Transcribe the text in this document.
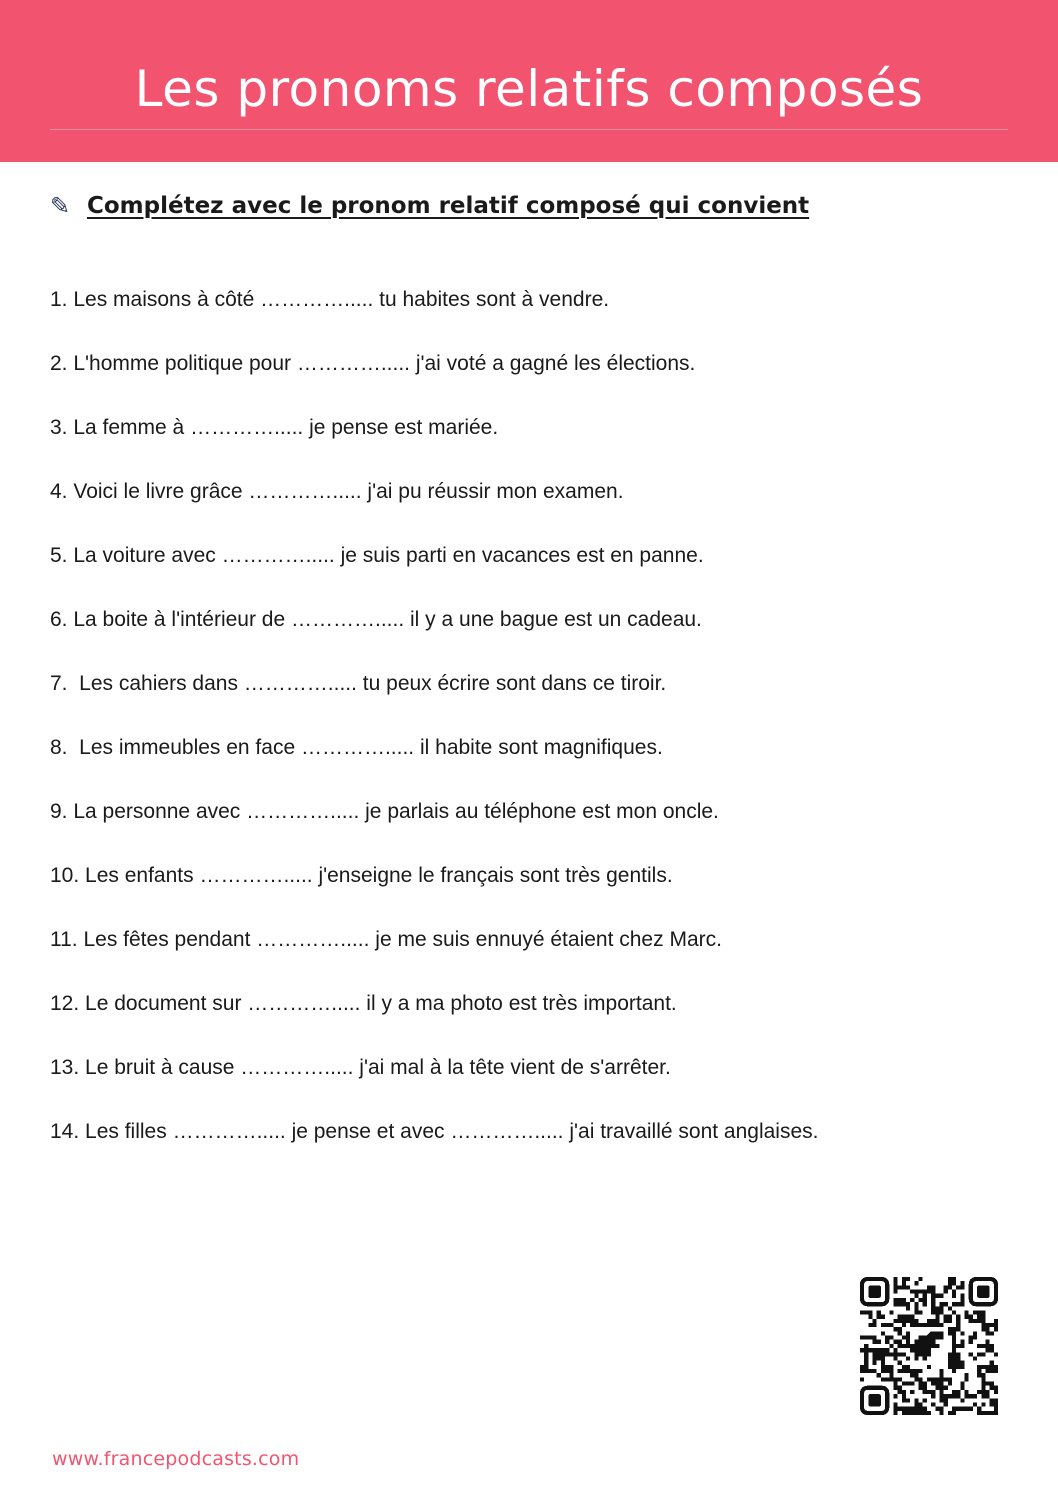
Les pronoms relatifs composés
✎ Complétez avec le pronom relatif composé qui convient
1. Les maisons à côté …………..... tu habites sont à vendre.
2. L'homme politique pour …………..... j'ai voté a gagné les élections.
3. La femme à …………..... je pense est mariée.
4. Voici le livre grâce …………..... j'ai pu réussir mon examen.
5. La voiture avec …………..... je suis parti en vacances est en panne.
6. La boite à l'intérieur de …………..... il y a une bague est un cadeau.
7.  Les cahiers dans …………..... tu peux écrire sont dans ce tiroir.
8.  Les immeubles en face …………..... il habite sont magnifiques.
9. La personne avec …………..... je parlais au téléphone est mon oncle.
10. Les enfants …………..... j'enseigne le français sont très gentils.
11. Les fêtes pendant …………..... je me suis ennuyé étaient chez Marc.
12. Le document sur …………..... il y a ma photo est très important.
13. Le bruit à cause …………..... j'ai mal à la tête vient de s'arrêter.
14. Les filles …………..... je pense et avec …………..... j'ai travaillé sont anglaises.
www.francepodcasts.com
